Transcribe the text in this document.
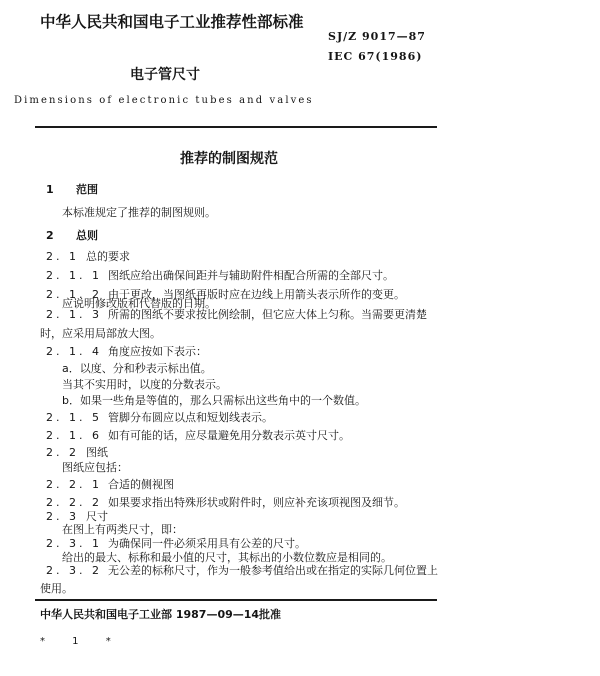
中华人民共和国电子工业推荐性部标准
SJ/Z 9017—87
IEC 67(1986)
电子管尺寸
Dimensions of electronic tubes and valves
推荐的制图规范
1 范围
本标准规定了推荐的制图规则。
2 总则
2. 1 总的要求
2. 1. 1 图纸应给出确保间距并与辅助附件相配合所需的全部尺寸。
2. 1. 2 由于更改，当图纸再版时应在边线上用箭头表示所作的变更。
应说明修改版和代替版的日期。
2. 1. 3 所需的图纸不要求按比例绘制，但它应大体上匀称。当需要更清楚时，应采用局部放大图。
2. 1. 4 角度应按如下表示：
a．以度、分和秒表示标出值。
当其不实用时，以度的分数表示。
b．如果一些角是等值的，那么只需标出这些角中的一个数值。
2. 1. 5 管脚分布圆应以点和短划线表示。
2. 1. 6 如有可能的话，应尽量避免用分数表示英寸尺寸。
2. 2 图纸
图纸应包括：
2. 2. 1 合适的侧视图
2. 2. 2 如果要求指出特殊形状或附件时，则应补充该项视图及细节。
2. 3 尺寸
在图上有两类尺寸，即：
2. 3. 1 为确保同一件必须采用具有公差的尺寸。
给出的最大、标称和最小值的尺寸，其标出的小数位数应是相同的。
2. 3. 2 无公差的标称尺寸，作为一般参考值给出或在指定的实际几何位置上使用。
中华人民共和国电子工业部 1987—09—14批准
* 1 *
